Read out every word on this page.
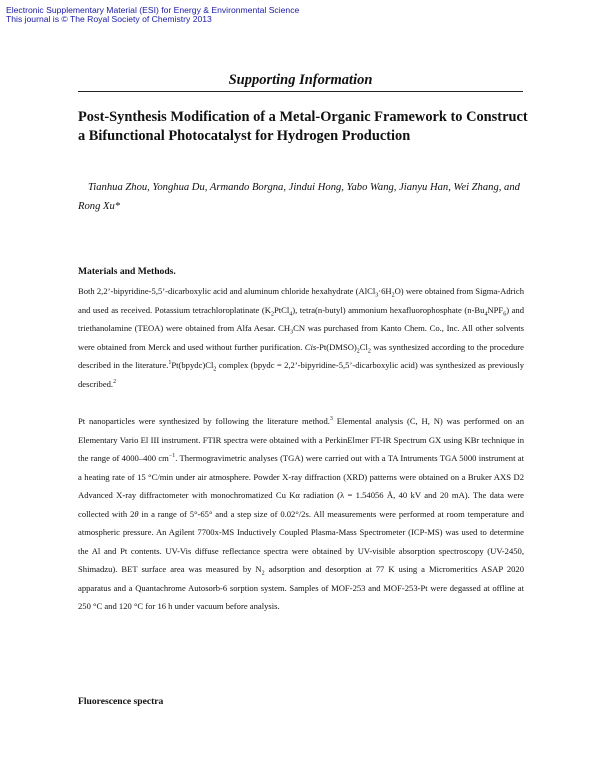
Electronic Supplementary Material (ESI) for Energy & Environmental Science
This journal is © The Royal Society of Chemistry 2013
Supporting Information
Post-Synthesis Modification of a Metal-Organic Framework to Construct a Bifunctional Photocatalyst for Hydrogen Production
Tianhua Zhou, Yonghua Du, Armando Borgna, Jindui Hong, Yabo Wang, Jianyu Han, Wei Zhang, and Rong Xu*
Materials and Methods.
Both 2,2’-bipyridine-5,5’-dicarboxylic acid and aluminum chloride hexahydrate $(AlCl_3\cdot 6H_2O)$ were obtained from Sigma-Adrich and used as received. Potassium tetrachloroplatinate $(K_2PtCl_4)$, tetra(n-butyl) ammonium hexafluorophosphate $(n-Bu_4NPF_6)$ and triethanolamine (TEOA) were obtained from Alfa Aesar. $CH_3CN$ was purchased from Kanto Chem. Co., Inc. All other solvents were obtained from Merck and used without further purification. Cis-$Pt(DMSO)_2Cl_2$ was synthesized according to the procedure described in the $literature.^1Pt(bpydc)Cl_2$ complex (bpydc = 2,2’-bipyridine-5,5’-dicarboxylic acid) was synthesized as previously described.$^2$
Pt nanoparticles were synthesized by following the literature method.$^3$ Elemental analysis (C, H, N) was performed on an Elementary Vario El III instrument. FTIR spectra were obtained with a PerkinElmer FT-IR Spectrum GX using KBr technique in the range of 4000–400 $cm^{-1}$. Thermogravimetric analyses (TGA) were carried out with a TA Intruments TGA 5000 instrument at a heating rate of 15 °C/min under air atmosphere. Powder X-ray diffraction (XRD) patterns were obtained on a Bruker AXS D2 Advanced X-ray diffractometer with monochromatized Cu Kα radiation (λ = 1.54056 Å, 40 kV and 20 mA). The data were collected with 2θ in a range of 5°-65° and a step size of 0.02°/2s. All measurements were performed at room temperature and atmospheric pressure. An Agilent 7700x-MS Inductively Coupled Plasma-Mass Spectrometer (ICP-MS) was used to determine the Al and Pt contents. UV-Vis diffuse reflectance spectra were obtained by UV-visible absorption spectroscopy (UV-2450, Shimadzu). BET surface area was measured by $N_2$ adsorption and desorption at 77 K using a Micromeritics ASAP 2020 apparatus and a Quantachrome Autosorb-6 sorption system. Samples of MOF-253 and MOF-253-Pt were degassed at offline at 250 °C and 120 °C for 16 h under vacuum before analysis.
Fluorescence spectra
